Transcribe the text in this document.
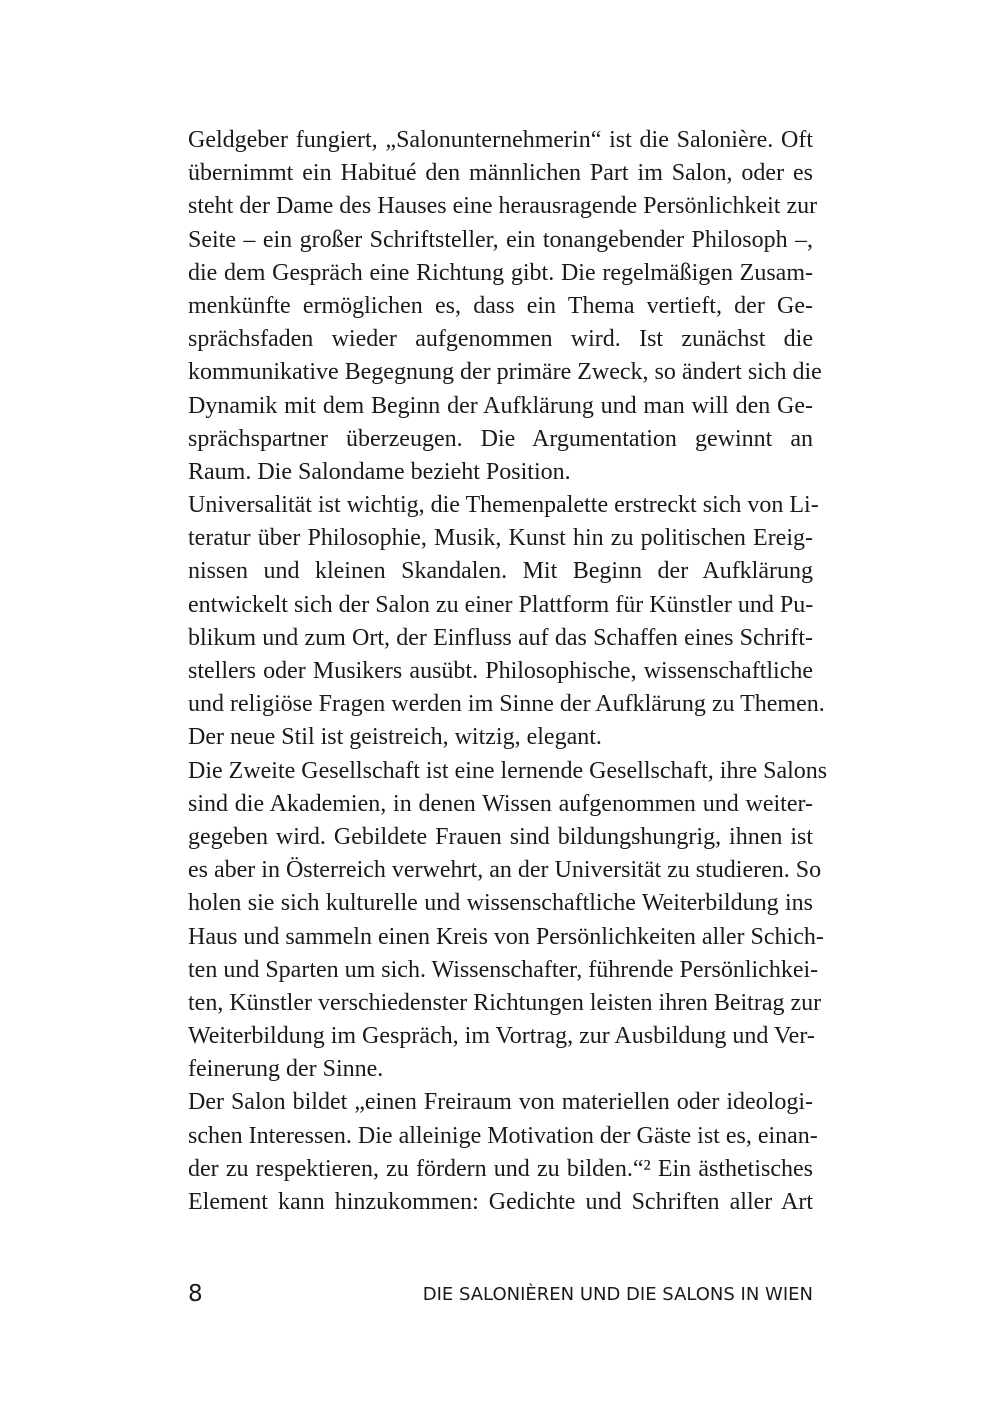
Geldgeber fungiert, „Salonunternehmerin“ ist die Salonière. Oft
übernimmt ein Habitué den männlichen Part im Salon, oder es
steht der Dame des Hauses eine herausragende Persönlichkeit zur
Seite – ein großer Schriftsteller, ein tonangebender Philosoph –,
die dem Gespräch eine Richtung gibt. Die regelmäßigen Zusam-
menkünfte ermöglichen es, dass ein Thema vertieft, der Ge-
sprächsfaden wieder aufgenommen wird. Ist zunächst die
kommunikative Begegnung der primäre Zweck, so ändert sich die
Dynamik mit dem Beginn der Aufklärung und man will den Ge-
sprächspartner überzeugen. Die Argumentation gewinnt an
Raum. Die Salondame bezieht Position.

Universalität ist wichtig, die Themenpalette erstreckt sich von Li-
teratur über Philosophie, Musik, Kunst hin zu politischen Ereig-
nissen und kleinen Skandalen. Mit Beginn der Aufklärung
entwickelt sich der Salon zu einer Plattform für Künstler und Pu-
blikum und zum Ort, der Einfluss auf das Schaffen eines Schrift-
stellers oder Musikers ausübt. Philosophische, wissenschaftliche
und religiöse Fragen werden im Sinne der Aufklärung zu Themen.
Der neue Stil ist geistreich, witzig, elegant.

Die Zweite Gesellschaft ist eine lernende Gesellschaft, ihre Salons
sind die Akademien, in denen Wissen aufgenommen und weiter-
gegeben wird. Gebildete Frauen sind bildungshungrig, ihnen ist
es aber in Österreich verwehrt, an der Universität zu studieren. So
holen sie sich kulturelle und wissenschaftliche Weiterbildung ins
Haus und sammeln einen Kreis von Persönlichkeiten aller Schich-
ten und Sparten um sich. Wissenschafter, führende Persönlichkei-
ten, Künstler verschiedenster Richtungen leisten ihren Beitrag zur
Weiterbildung im Gespräch, im Vortrag, zur Ausbildung und Ver-
feinerung der Sinne.

Der Salon bildet „einen Freiraum von materiellen oder ideologi-
schen Interessen. Die alleinige Motivation der Gäste ist es, einan-
der zu respektieren, zu fördern und zu bilden.“² Ein ästhetisches
Element kann hinzukommen: Gedichte und Schriften aller Art

8	DIE SALONIÈREN UND DIE SALONS IN WIEN
